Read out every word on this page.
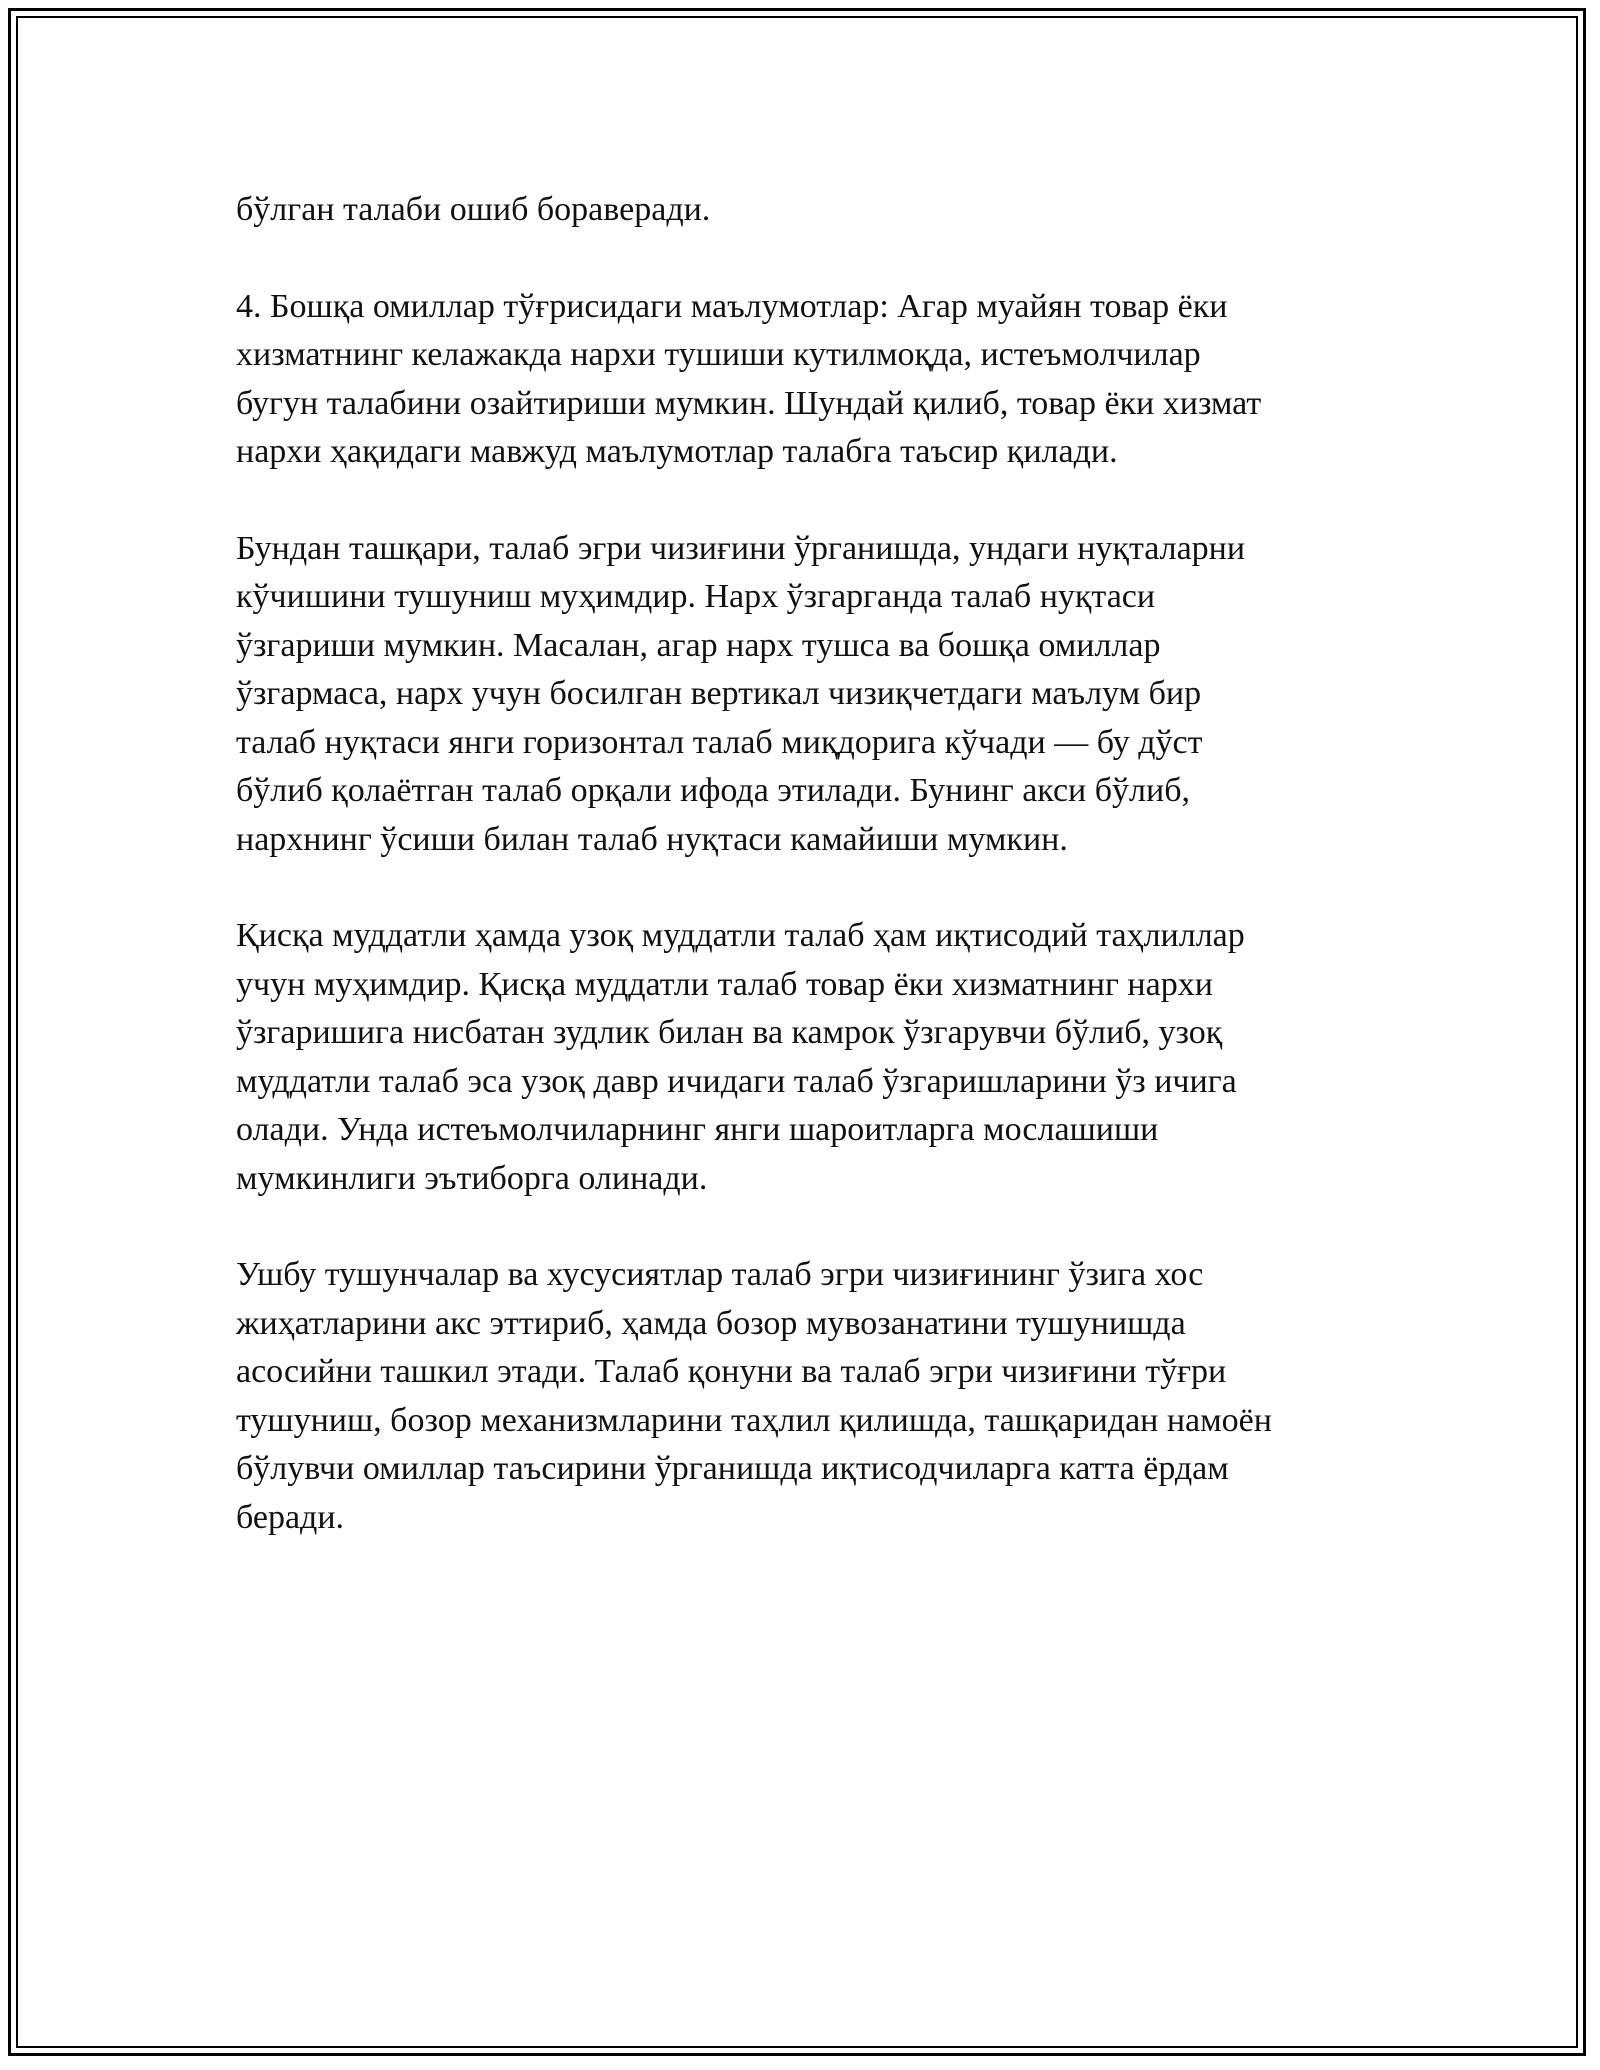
бўлган талаби ошиб бораверади.

4. Бошқа омиллар тўғрисидаги маълумотлар: Агар муайян товар ёки
хизматнинг келажакда нархи тушиши кутилмоқда, истеъмолчилар
бугун талабини озайтириши мумкин. Шундай қилиб, товар ёки хизмат
нархи ҳақидаги мавжуд маълумотлар талабга таъсир қилади.

Бундан ташқари, талаб эгри чизиғини ўрганишда, ундаги нуқталарни
кўчишини тушуниш муҳимдир. Нарх ўзгарганда талаб нуқтаси
ўзгариши мумкин. Масалан, агар нарх тушса ва бошқа омиллар
ўзгармаса, нарх учун босилган вертикал чизиқчетдаги маълум бир
талаб нуқтаси янги горизонтал талаб миқдорига кўчади — бу дўст
бўлиб қолаётган талаб орқали ифода этилади. Бунинг акси бўлиб,
нархнинг ўсиши билан талаб нуқтаси камайиши мумкин.

Қисқа муддатли ҳамда узоқ муддатли талаб ҳам иқтисодий таҳлиллар
учун муҳимдир. Қисқа муддатли талаб товар ёки хизматнинг нархи
ўзгаришига нисбатан зудлик билан ва камрок ўзгарувчи бўлиб, узоқ
муддатли талаб эса узоқ давр ичидаги талаб ўзгаришларини ўз ичига
олади. Унда истеъмолчиларнинг янги шароитларга мослашиши
мумкинлиги эътиборга олинади.

Ушбу тушунчалар ва хусусиятлар талаб эгри чизиғининг ўзига хос
жиҳатларини акс эттириб, ҳамда бозор мувозанатини тушунишда
асосийни ташкил этади. Талаб қонуни ва талаб эгри чизиғини тўғри
тушуниш, бозор механизмларини таҳлил қилишда, ташқаридан намоён
бўлувчи омиллар таъсирини ўрганишда иқтисодчиларга катта ёрдам
беради.
